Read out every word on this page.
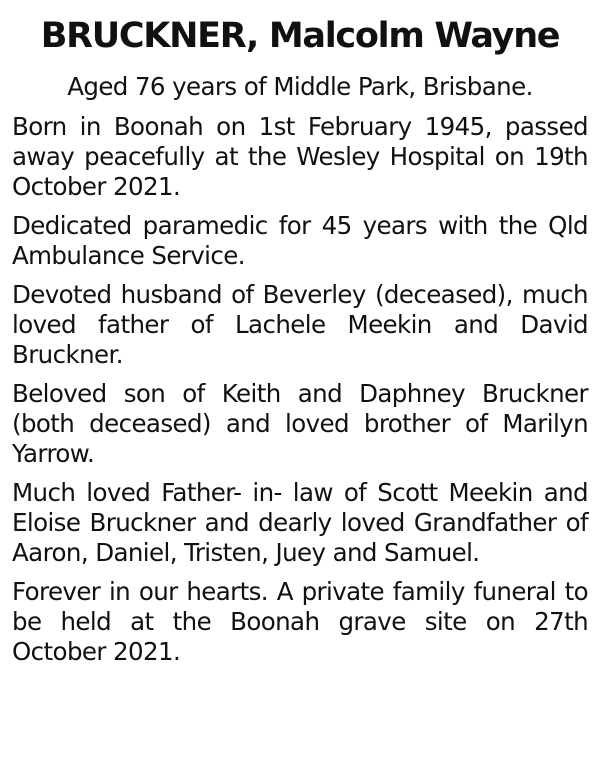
BRUCKNER, Malcolm Wayne
Aged 76 years of Middle Park, Brisbane.
Born in Boonah on 1st February 1945, passed away peacefully at the Wesley Hospital on 19th October 2021.
Dedicated paramedic for 45 years with the Qld Ambulance Service.
Devoted husband of Beverley (deceased), much loved father of Lachele Meekin and David Bruckner.
Beloved son of Keith and Daphney Bruckner (both deceased) and loved brother of Marilyn Yarrow.
Much loved Father- in- law of Scott Meekin and Eloise Bruckner and dearly loved Grandfather of Aaron, Daniel, Tristen, Juey and Samuel.
Forever in our hearts. A private family funeral to be held at the Boonah grave site on 27th October 2021.
